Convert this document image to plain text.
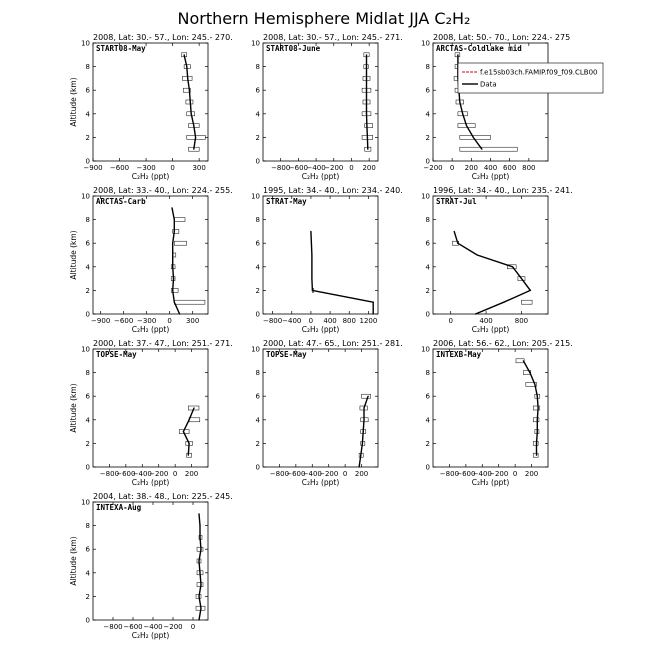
Northern Hemisphere Midlat JJA C₂H₂
2008, Lat: 30.- 57., Lon: 245.- 270.
START08-May
0
2
4
6
8
10
−900 −600 −300 0	300
C₂H₂ (ppt)
Altitude (km)
2008, Lat: 30.- 57., Lon: 245.- 271.
START08-June
0
2
4
6
8
10
−800
−600
−400
−200 0 200
C₂H₂ (ppt)
2008, Lat: 50.- 70., Lon: 224.- 275
ARCTAS-Coldlake mid
0
2
4
6
8
10
−200 0 200 400 600 800
C₂H₂ (ppt)
f.e15sb03ch.FAMIP.f09_f09.CLB00
Data
2008, Lat: 33.- 40., Lon: 224.- 255.
ARCTAS-Carb
0
2
4
6
8
10
−900 −600 −300 0 300
C₂H₂ (ppt)
Altitude (km)
1995, Lat: 34.- 40., Lon: 234.- 240.
STRAT-May
0
2
4
6
8
10
−800 −400 0 400 800 1200
C₂H₂ (ppt)
1996, Lat: 34.- 40., Lon: 235.- 241.
STRAT-Jul
0
2
4
6
8
10
0	400	800
C₂H₂ (ppt)
2000, Lat: 37.- 47., Lon: 251.- 271.
TOPSE-May
0
2
4
6
8
10
−800
−600
−400
−200 0 200
C₂H₂ (ppt)
Altitude (km)
2000, Lat: 47.- 65., Lon: 251.- 281.
TOPSE-May
0
2
4
6
8
10
−800
−600
−400
−200 0 200
C₂H₂ (ppt)
2006, Lat: 56.- 62., Lon: 205.- 215.
INTEXB-May
0
2
4
6
8
10
−800
−600
−400
−200 0 200
C₂H₂ (ppt)
2004, Lat: 38.- 48., Lon: 225.- 245.
INTEXA-Aug
0
2
4
6
8
10
−800 −600 −400 −200 0
C₂H₂ (ppt)
Altitude (km)
